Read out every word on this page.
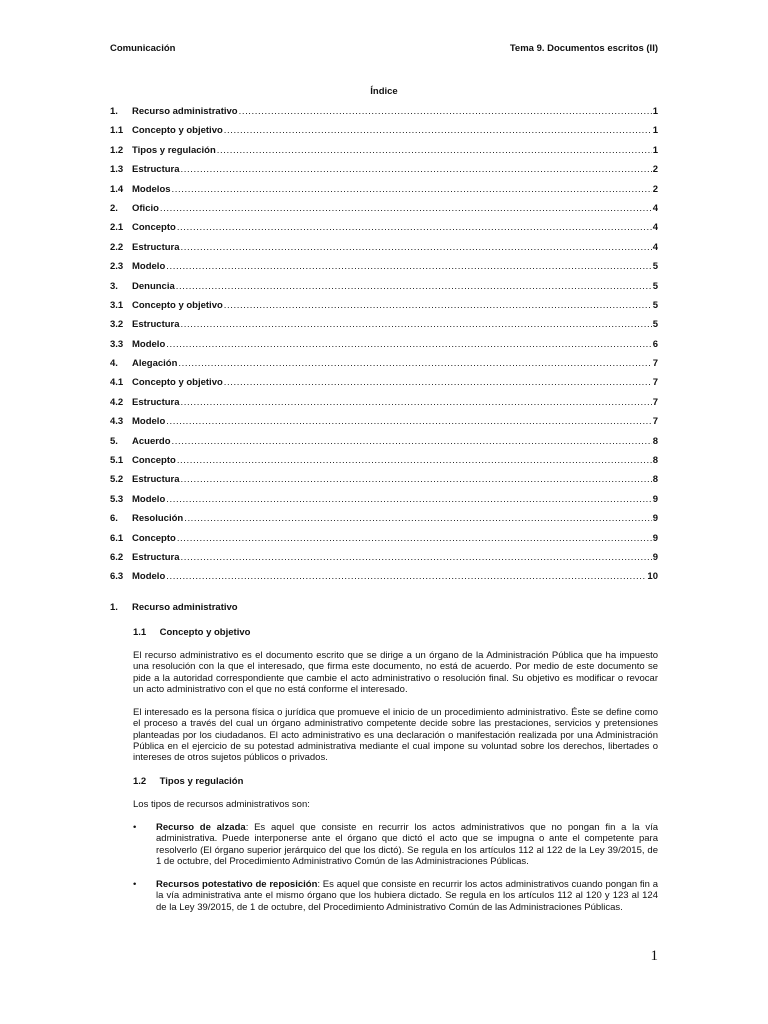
Comunicación	Tema 9. Documentos escritos (II)
Índice
1.	Recurso administrativo .....	1
1.1 Concepto y objetivo .....	1
1.2 Tipos y regulación .....	1
1.3 Estructura .....	2
1.4 Modelos .....	2
2.	Oficio .....	4
2.1 Concepto .....	4
2.2 Estructura .....	4
2.3 Modelo .....	5
3.	Denuncia .....	5
3.1 Concepto y objetivo .....	5
3.2 Estructura .....	5
3.3 Modelo .....	6
4.	Alegación .....	7
4.1 Concepto y objetivo .....	7
4.2 Estructura .....	7
4.3 Modelo .....	7
5.	Acuerdo .....	8
5.1 Concepto .....	8
5.2 Estructura .....	8
5.3 Modelo .....	9
6.	Resolución .....	9
6.1 Concepto .....	9
6.2 Estructura .....	9
6.3 Modelo .....	10
1.	Recurso administrativo
1.1 Concepto y objetivo

El recurso administrativo es el documento escrito que se dirige a un órgano de la Administración Pública que ha impuesto una resolución con la que el interesado, que firma este documento, no está de acuerdo. Por medio de este documento se pide a la autoridad correspondiente que cambie el acto administrativo o resolución final. Su objetivo es modificar o revocar un acto administrativo con el que no está conforme el interesado.

El interesado es la persona física o jurídica que promueve el inicio de un procedimiento administrativo. Éste se define como el proceso a través del cual un órgano administrativo competente decide sobre las prestaciones, servicios y pretensiones planteadas por los ciudadanos. El acto administrativo es una declaración o manifestación realizada por una Administración Pública en el ejercicio de su potestad administrativa mediante el cual impone su voluntad sobre los derechos, libertades o intereses de otros sujetos públicos o privados.

1.2 Tipos y regulación

Los tipos de recursos administrativos son:

•	Recurso de alzada: Es aquel que consiste en recurrir los actos administrativos que no pongan fin a la vía administrativa. Puede interponerse ante el órgano que dictó el acto que se impugna o ante el competente para resolverlo (El órgano superior jerárquico del que los dictó). Se regula en los artículos 112 al 122 de la Ley 39/2015, de 1 de octubre, del Procedimiento Administrativo Común de las Administraciones Públicas.
•	Recursos potestativo de reposición: Es aquel que consiste en recurrir los actos administrativos cuando pongan fin a la vía administrativa ante el mismo órgano que los hubiera dictado. Se regula en los artículos 112 al 120 y 123 al 124 de la Ley 39/2015, de 1 de octubre, del Procedimiento Administrativo Común de las Administraciones Públicas.
1
